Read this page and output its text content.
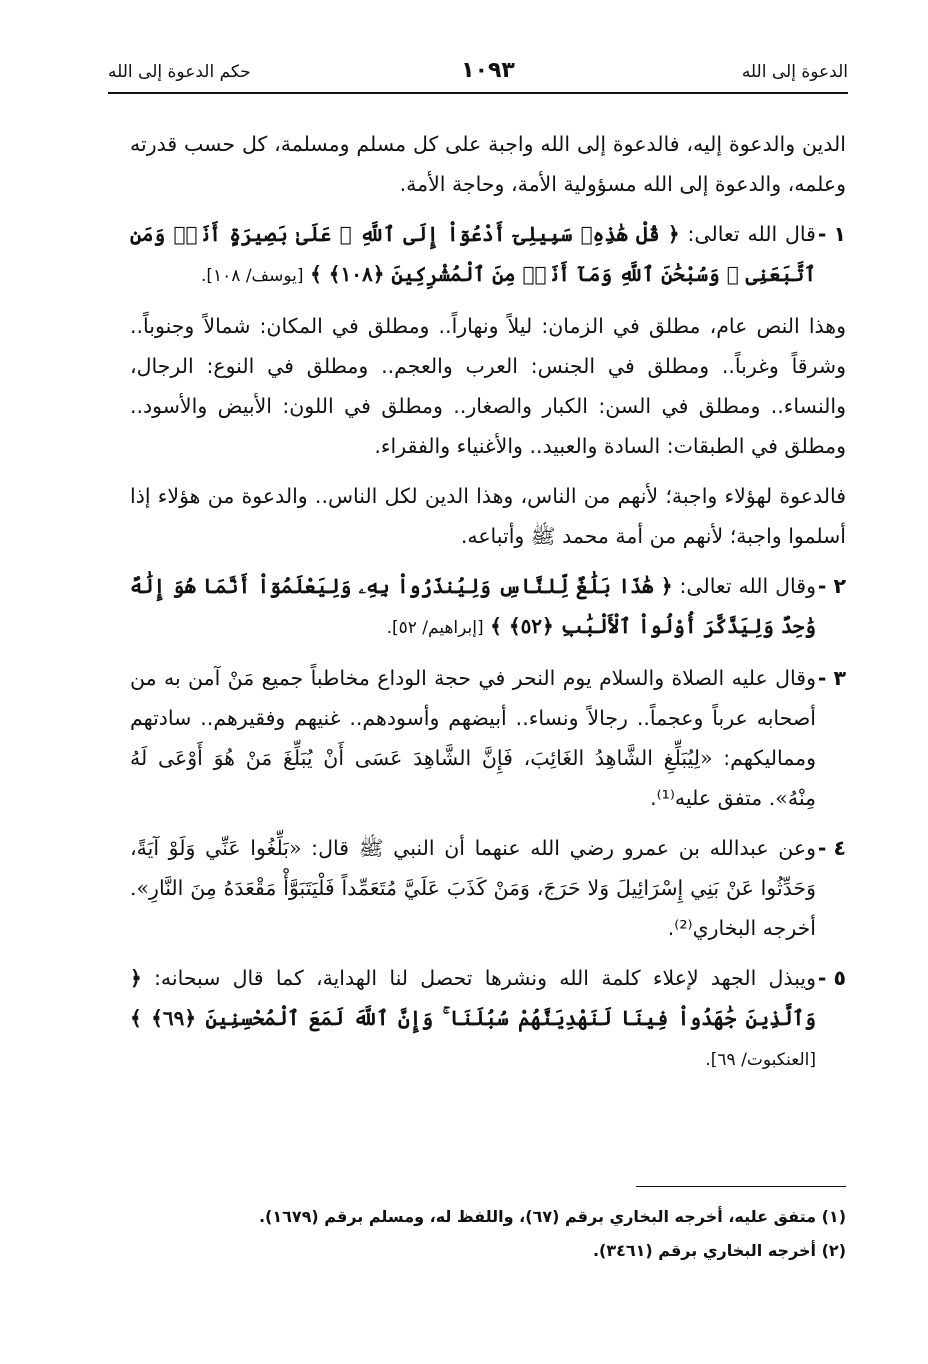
الدعوة إلى الله
١٠٩٣
حكم الدعوة إلى الله

الدين والدعوة إليه، فالدعوة إلى الله واجبة على كل مسلم ومسلمة، كل حسب قدرته وعلمه، والدعوة إلى الله مسؤولية الأمة، وحاجة الأمة.

١ -
قال الله تعالى: ﴿ قُلْ هَٰذِهِۦ سَبِيلِىٓ أَدْعُوٓاْ إِلَى ٱللَّهِ ۚ عَلَىٰ بَصِيرَةٍ أَنَا۠ وَمَنِ ٱتَّبَعَنِى ۖ وَسُبْحَٰنَ ٱللَّهِ وَمَآ أَنَا۠ مِنَ ٱلْمُشْرِكِينَ ﴿١٠٨﴾ ﴾ [يوسف/ ١٠٨].

وهذا النص عام، مطلق في الزمان: ليلاً ونهاراً.. ومطلق في المكان: شمالاً وجنوباً.. وشرقاً وغرباً.. ومطلق في الجنس: العرب والعجم.. ومطلق في النوع: الرجال، والنساء.. ومطلق في السن: الكبار والصغار.. ومطلق في اللون: الأبيض والأسود.. ومطلق في الطبقات: السادة والعبيد.. والأغنياء والفقراء.

فالدعوة لهؤلاء واجبة؛ لأنهم من الناس، وهذا الدين لكل الناس.. والدعوة من هؤلاء إذا أسلموا واجبة؛ لأنهم من أمة محمد ﷺ وأتباعه.

٢ -
وقال الله تعالى: ﴿ هَٰذَا بَلَٰغٌ لِّلنَّاسِ وَلِيُنذَرُواْ بِهِۦ وَلِيَعْلَمُوٓاْ أَنَّمَا هُوَ إِلَٰهٌ وَٰحِدٌ وَلِيَذَّكَّرَ أُوْلُواْ ٱلْأَلْبَٰبِ ﴿٥٢﴾ ﴾ [إبراهيم/ ٥٢].
٣ -
وقال عليه الصلاة والسلام يوم النحر في حجة الوداع مخاطباً جميع مَنْ آمن به من أصحابه عرباً وعجماً.. رجالاً ونساء.. أبيضهم وأسودهم.. غنيهم وفقيرهم.. سادتهم ومماليكهم: «لِيُبَلِّغِ الشَّاهِدُ الغَائِبَ، فَإِنَّ الشَّاهِدَ عَسَى أَنْ يُبَلِّغَ مَنْ هُوَ أَوْعَى لَهُ مِنْهُ». متفق عليه⁽¹⁾.
٤ -
وعن عبدالله بن عمرو رضي الله عنهما أن النبي ﷺ قال: «بَلِّغُوا عَنِّي وَلَوْ آيَةً، وَحَدِّثُوا عَنْ بَنِي إِسْرَائِيلَ وَلا حَرَجَ، وَمَنْ كَذَبَ عَلَيَّ مُتَعَمِّداً فَلْيَتَبَوَّأْ مَقْعَدَهُ مِنَ النَّارِ». أخرجه البخاري⁽²⁾.
٥ -
ويبذل الجهد لإعلاء كلمة الله ونشرها تحصل لنا الهداية، كما قال سبحانه: ﴿ وَٱلَّذِينَ جَٰهَدُواْ فِينَا لَنَهْدِيَنَّهُمْ سُبُلَنَا ۚ وَإِنَّ ٱللَّهَ لَمَعَ ٱلْمُحْسِنِينَ ﴿٦٩﴾ ﴾ [العنكبوت/ ٦٩].
(١) متفق عليه، أخرجه البخاري برقم (٦٧)، واللفظ له، ومسلم برقم (١٦٧٩).
(٢) أخرجه البخاري برقم (٣٤٦١).
